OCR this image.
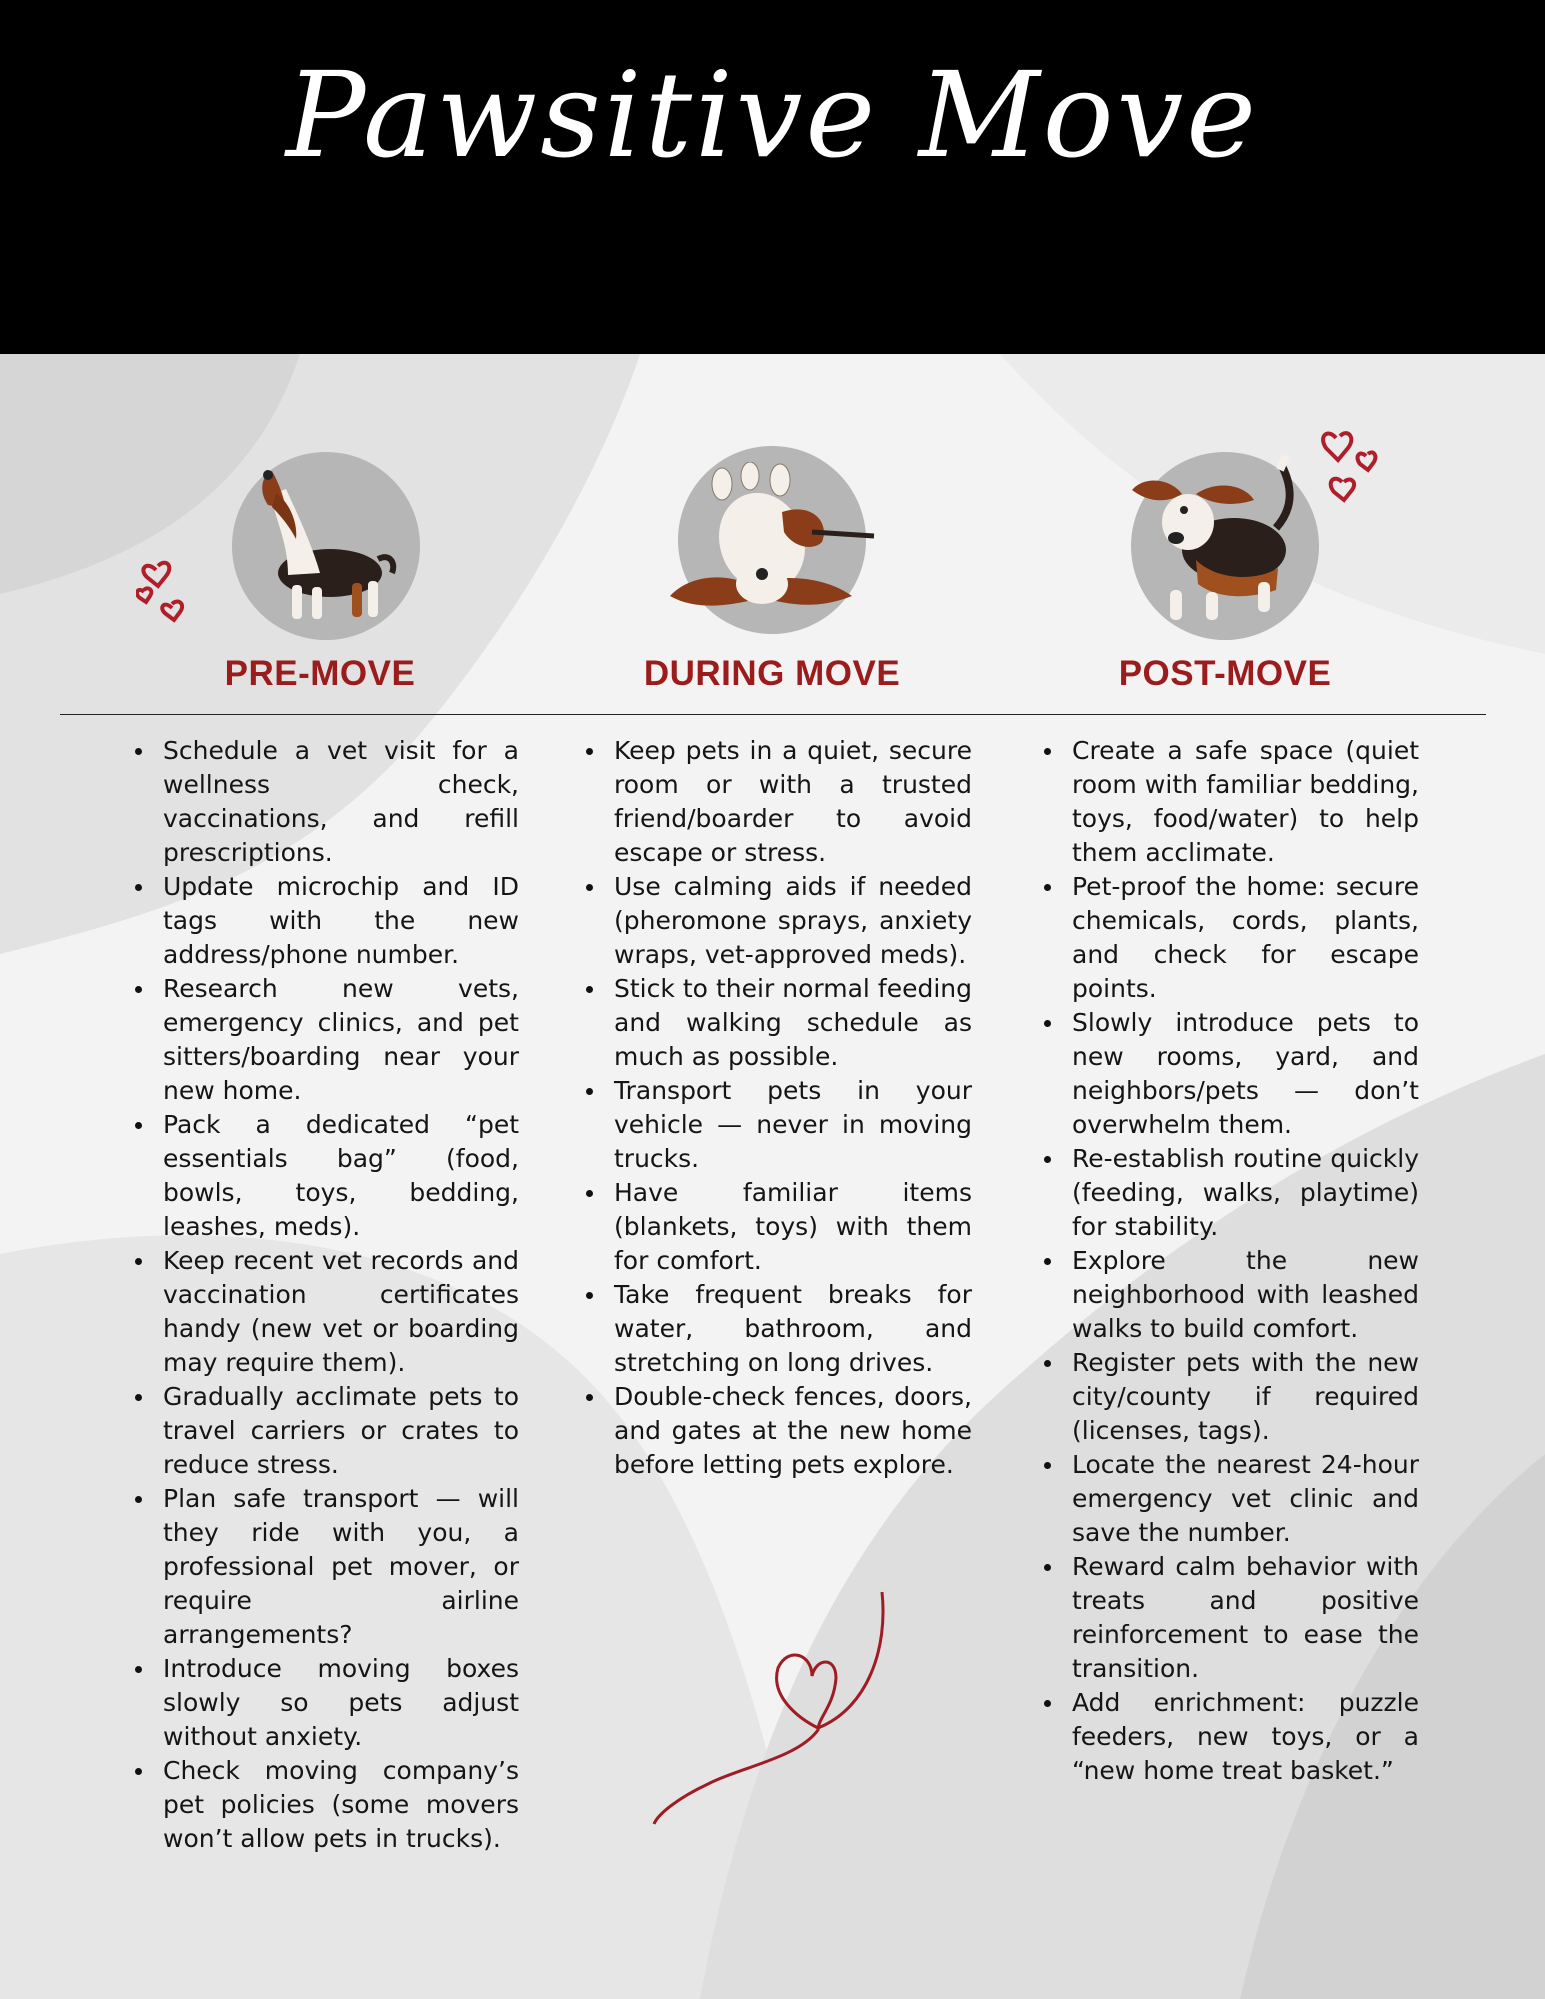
Pawsitive Move
PRE-MOVE	DURING MOVE	POST-MOVE
Schedule a vet visit for a wellness check, vaccinations, and refill prescriptions.
Update microchip and ID tags with the new address/phone number.
Research new vets, emergency clinics, and pet sitters/boarding near your new home.
Pack a dedicated “pet essentials bag” (food, bowls, toys, bedding, leashes, meds).
Keep recent vet records and vaccination certificates handy (new vet or boarding may require them).
Gradually acclimate pets to travel carriers or crates to reduce stress.
Plan safe transport — will they ride with you, a professional pet mover, or require airline arrangements?
Introduce moving boxes slowly so pets adjust without anxiety.
Check moving company’s pet policies (some movers won’t allow pets in trucks).
Keep pets in a quiet, secure room or with a trusted friend/boarder to avoid escape or stress.
Use calming aids if needed (pheromone sprays, anxiety wraps, vet-approved meds).
Stick to their normal feeding and walking schedule as much as possible.
Transport pets in your vehicle — never in moving trucks.
Have familiar items (blankets, toys) with them for comfort.
Take frequent breaks for water, bathroom, and stretching on long drives.
Double-check fences, doors, and gates at the new home before letting pets explore.
Create a safe space (quiet room with familiar bedding, toys, food/water) to help them acclimate.
Pet-proof the home: secure chemicals, cords, plants, and check for escape points.
Slowly introduce pets to new rooms, yard, and neighbors/pets — don’t overwhelm them.
Re-establish routine quickly (feeding, walks, playtime) for stability.
Explore the new neighborhood with leashed walks to build comfort.
Register pets with the new city/county if required (licenses, tags).
Locate the nearest 24-hour emergency vet clinic and save the number.
Reward calm behavior with treats and positive reinforcement to ease the transition.
Add enrichment: puzzle feeders, new toys, or a “new home treat basket.”
